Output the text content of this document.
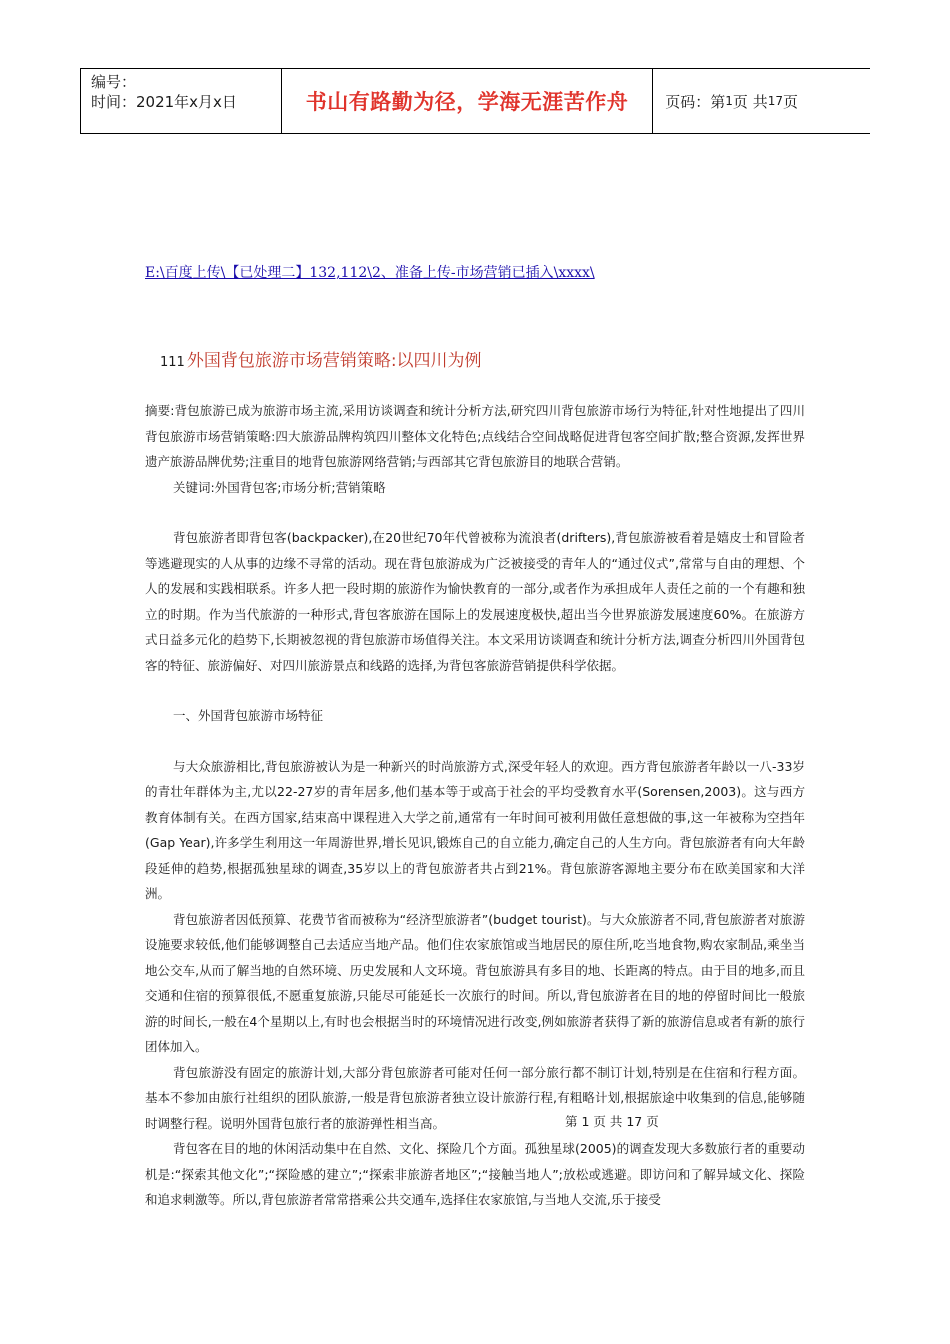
编号：
时间：2021年x月x日	书山有路勤为径，学海无涯苦作舟 页码：第 1 页 共 17 页
E:\百度上传\【已处理二】132,112\2、准备上传-市场营销已插入\xxxx\
111 外国背包旅游市场营销策略:以四川为例

摘要:背包旅游已成为旅游市场主流,采用访谈调查和统计分析方法,研究四川背包旅游市场行为特征,针对性地提出了四川背包旅游市场营销策略:四大旅游品牌构筑四川整体文化特色;点线结合空间战略促进背包客空间扩散;整合资源,发挥世界遗产旅游品牌优势;注重目的地背包旅游网络营销;与西部其它背包旅游目的地联合营销。

关键词:外国背包客;市场分析;营销策略

背包旅游者即背包客(backpacker),在20世纪70年代曾被称为流浪者(drifters),背包旅游被看着是嬉皮士和冒险者等逃避现实的人从事的边缘不寻常的活动。现在背包旅游成为广泛被接受的青年人的“通过仪式”,常常与自由的理想、个人的发展和实践相联系。许多人把一段时期的旅游作为愉快教育的一部分,或者作为承担成年人责任之前的一个有趣和独立的时期。作为当代旅游的一种形式,背包客旅游在国际上的发展速度极快,超出当今世界旅游发展速度60%。在旅游方式日益多元化的趋势下,长期被忽视的背包旅游市场值得关注。本文采用访谈调查和统计分析方法,调查分析四川外国背包客的特征、旅游偏好、对四川旅游景点和线路的选择,为背包客旅游营销提供科学依据。

一、外国背包旅游市场特征

与大众旅游相比,背包旅游被认为是一种新兴的时尚旅游方式,深受年轻人的欢迎。西方背包旅游者年龄以一八-33岁的青壮年群体为主,尤以22-27岁的青年居多,他们基本等于或高于社会的平均受教育水平(Sorensen,2003)。这与西方教育体制有关。在西方国家,结束高中课程进入大学之前,通常有一年时间可被利用做任意想做的事,这一年被称为空挡年(Gap Year),许多学生利用这一年周游世界,增长见识,锻炼自己的自立能力,确定自己的人生方向。背包旅游者有向大年龄段延伸的趋势,根据孤独星球的调查,35岁以上的背包旅游者共占到21%。背包旅游客源地主要分布在欧美国家和大洋洲。

背包旅游者因低预算、花费节省而被称为“经济型旅游者”(budget tourist)。与大众旅游者不同,背包旅游者对旅游设施要求较低,他们能够调整自己去适应当地产品。他们住农家旅馆或当地居民的原住所,吃当地食物,购农家制品,乘坐当地公交车,从而了解当地的自然环境、历史发展和人文环境。背包旅游具有多目的地、长距离的特点。由于目的地多,而且交通和住宿的预算很低,不愿重复旅游,只能尽可能延长一次旅行的时间。所以,背包旅游者在目的地的停留时间比一般旅游的时间长,一般在4个星期以上,有时也会根据当时的环境情况进行改变,例如旅游者获得了新的旅游信息或者有新的旅行团体加入。

背包旅游没有固定的旅游计划,大部分背包旅游者可能对任何一部分旅行都不制订计划,特别是在住宿和行程方面。基本不参加由旅行社组织的团队旅游,一般是背包旅游者独立设计旅游行程,有粗略计划,根据旅途中收集到的信息,能够随时调整行程。说明外国背包旅行者的旅游弹性相当高。

背包客在目的地的休闲活动集中在自然、文化、探险几个方面。孤独星球(2005)的调查发现大多数旅行者的重要动机是:“探索其他文化”;“探险感的建立”;“探索非旅游者地区”;“接触当地人”;放松或逃避。即访问和了解异域文化、探险和追求刺激等。所以,背包旅游者常常搭乘公共交通车,选择住农家旅馆,与当地人交流,乐于接受

第 1 页 共 17 页
